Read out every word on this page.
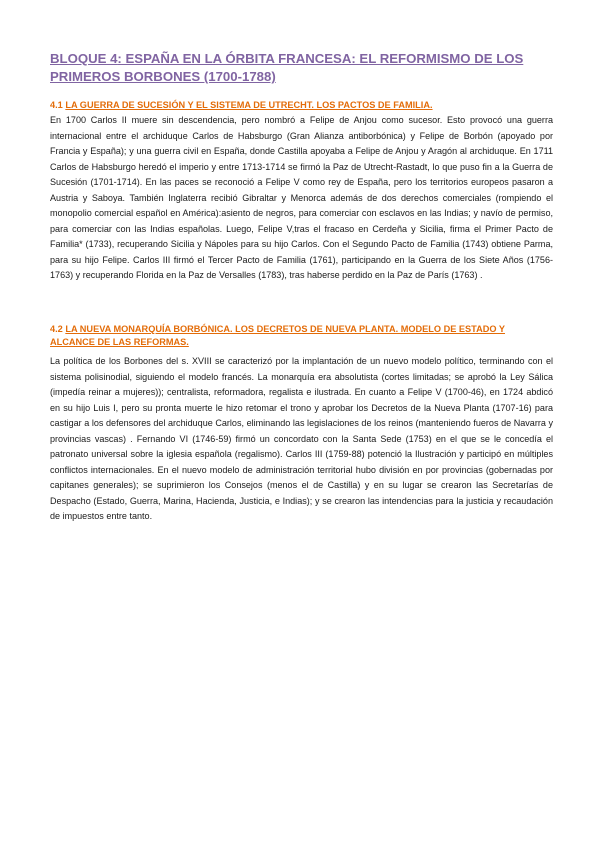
BLOQUE 4: ESPAÑA EN LA ÓRBITA FRANCESA: EL REFORMISMO DE LOS PRIMEROS BORBONES (1700-1788)
4.1 LA GUERRA DE SUCESIÓN Y EL SISTEMA DE UTRECHT. LOS PACTOS DE FAMILIA.

En 1700 Carlos II muere sin descendencia, pero nombró a Felipe de Anjou como sucesor. Esto provocó una guerra internacional entre el archiduque Carlos de Habsburgo (Gran Alianza antiborbónica) y Felipe de Borbón (apoyado por Francia y España); y una guerra civil en España, donde Castilla apoyaba a Felipe de Anjou y Aragón al archiduque. En 1711 Carlos de Habsburgo heredó el imperio y entre 1713-1714 se firmó la Paz de Utrecht-Rastadt, lo que puso fin a la Guerra de Sucesión (1701-1714). En las paces se reconoció a Felipe V como rey de España, pero los territorios europeos pasaron a Austria y Saboya. También Inglaterra recibió Gibraltar y Menorca además de dos derechos comerciales (rompiendo el monopolio comercial español en América):asiento de negros, para comerciar con esclavos en las Indias; y navío de permiso, para comerciar con las Indias españolas. Luego, Felipe V,tras el fracaso en Cerdeña y Sicilia, firma el Primer Pacto de Familia* (1733), recuperando Sicilia y Nápoles para su hijo Carlos. Con el Segundo Pacto de Familia (1743) obtiene Parma, para su hijo Felipe. Carlos III firmó el Tercer Pacto de Familia (1761), participando en la Guerra de los Siete Años (1756-1763) y recuperando Florida en la Paz de Versalles (1783), tras haberse perdido en la Paz de París (1763) .

4.2 LA NUEVA MONARQUÍA BORBÓNICA. LOS DECRETOS DE NUEVA PLANTA. MODELO DE ESTADO Y ALCANCE DE LAS REFORMAS.

La política de los Borbones del s. XVIII se caracterizó por la implantación de un nuevo modelo político, terminando con el sistema polisinodial, siguiendo el modelo francés. La monarquía era absolutista (cortes limitadas; se aprobó la Ley Sálica (impedía reinar a mujeres)); centralista, reformadora, regalista e ilustrada. En cuanto a Felipe V (1700-46), en 1724 abdicó en su hijo Luis I, pero su pronta muerte le hizo retomar el trono y aprobar los Decretos de la Nueva Planta (1707-16) para castigar a los defensores del archiduque Carlos, eliminando las legislaciones de los reinos (manteniendo fueros de Navarra y provincias vascas) . Fernando VI (1746-59) firmó un concordato con la Santa Sede (1753) en el que se le concedía el patronato universal sobre la iglesia española (regalismo). Carlos III (1759-88) potenció la Ilustración y participó en múltiples conflictos internacionales. En el nuevo modelo de administración territorial hubo división en por provincias (gobernadas por capitanes generales); se suprimieron los Consejos (menos el de Castilla) y en su lugar se crearon las Secretarías de Despacho (Estado, Guerra, Marina, Hacienda, Justicia, e Indias); y se crearon las intendencias para la justicia y recaudación de impuestos entre tanto.
